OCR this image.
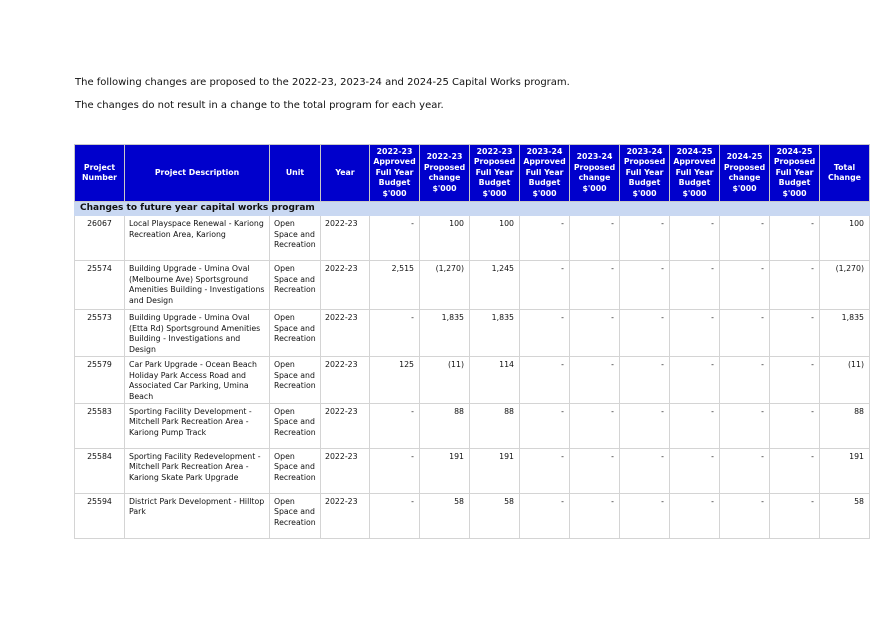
The following changes are proposed to the 2022-23, 2023-24 and 2024-25 Capital Works program.
The changes do not result in a change to the total program for each year.
Project Number	Project Description	Unit	Year	2022-23 Approved Full Year Budget $'000	2022-23 Proposed change $'000	2022-23 Proposed Full Year Budget $'000	2023-24 Approved Full Year Budget $'000	2023-24 Proposed change $'000	2023-24 Proposed Full Year Budget $'000	2024-25 Approved Full Year Budget $'000	2024-25 Proposed change $'000	2024-25 Proposed Full Year Budget $'000	Total Change
Changes to future year capital works program													
26067	Local Playspace Renewal - Kariong Recreation Area, Kariong	Open Space and Recreation	2022-23	-	100	100	-	-	-	-	-	-	100
25574	Building Upgrade - Umina Oval (Melbourne Ave) Sportsground Amenities Building - Investigations and Design	Open Space and Recreation	2022-23	2,515	(1,270)	1,245	-	-	-	-	-	-	(1,270)
25573	Building Upgrade - Umina Oval (Etta Rd) Sportsground Amenities Building - Investigations and Design	Open Space and Recreation	2022-23	-	1,835	1,835	-	-	-	-	-	-	1,835
25579	Car Park Upgrade - Ocean Beach Holiday Park Access Road and Associated Car Parking, Umina Beach	Open Space and Recreation	2022-23	125	(11)	114	-	-	-	-	-	-	(11)
25583	Sporting Facility Development - Mitchell Park Recreation Area - Kariong Pump Track	Open Space and Recreation	2022-23	-	88	88	-	-	-	-	-	-	88
25584	Sporting Facility Redevelopment - Mitchell Park Recreation Area - Kariong Skate Park Upgrade	Open Space and Recreation	2022-23	-	191	191	-	-	-	-	-	-	191
25594	District Park Development - Hilltop Park	Open Space and Recreation	2022-23	-	58	58	-	-	-	-	-	-	58
